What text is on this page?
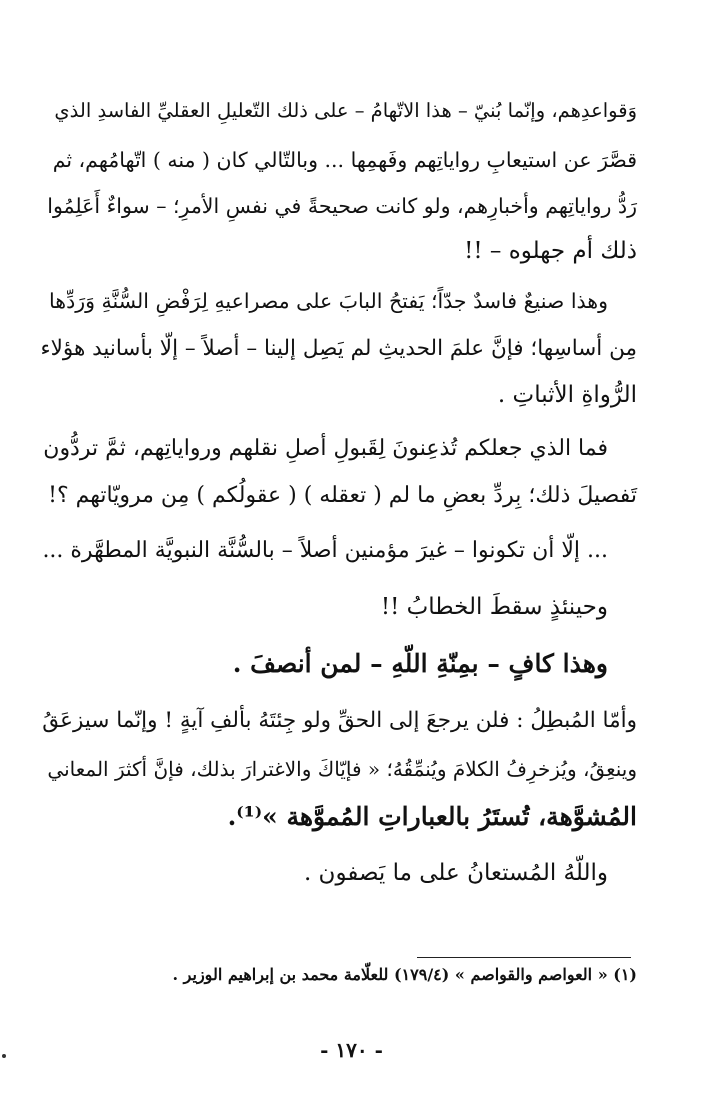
وَقواعدِهم، وإنّما بُنيّ – هذا الاتّهامُ – على ذلك التّعليلِ العقليِّ الفاسدِ الذي
قصَّرَ عن استيعابِ رواياتِهم وفَهمِها ... وبالتّالي كان ( منه ) اتّهامُهم، ثم
رَدُّ رواياتِهم وأخبارِهم، ولو كانت صحيحةً في نفسِ الأمرِ؛ – سواءٌ أَعَلِمُوا
ذلك أم جهلوه – !!
وهذا صنيعٌ فاسدٌ جدّاً؛ يَفتحُ البابَ على مصراعيهِ لِرَفْضِ السُّنَّةِ وَرَدِّها
مِن أساسِها؛ فإنَّ علمَ الحديثِ لم يَصِل إلينا – أصلاً – إلّا بأسانيد هؤلاء
الرُّواةِ الأثباتِ .
فما الذي جعلكم تُذعِنونَ لِقَبولِ أصلِ نقلهم ورواياتِهم، ثمَّ تردُّون
تَفصيلَ ذلك؛ بِردِّ بعضِ ما لم ( تعقله ) ( عقولُكم ) مِن مرويّاتهم ؟!
... إلّا أن تكونوا – غيرَ مؤمنين أصلاً – بالسُّنَّة النبويَّة المطهَّرة ...
وحينئذٍ سقطَ الخطابُ !!
وهذا كافٍ – بمِنّةِ اللّهِ – لمن أنصفَ .
وأمّا المُبطِلُ : فلن يرجعَ إلى الحقِّ ولو جِئتَهُ بألفِ آيةٍ ! وإنّما سيزعَقُ
وينعِقُ، ويُزخرِفُ الكلامَ ويُنمِّقُهُ؛ « فإيّاكَ والاغترارَ بذلك، فإنَّ أكثرَ المعاني
المُشوَّهة، تُستَرُ بالعباراتِ المُموَّهة »⁽¹⁾.
واللّهُ المُستعانُ على ما يَصفون .
(١) « العواصم والقواصم » (١٧٩/٤) للعلّامة محمد بن إبراهيم الوزير .
- ١٧٠ -
